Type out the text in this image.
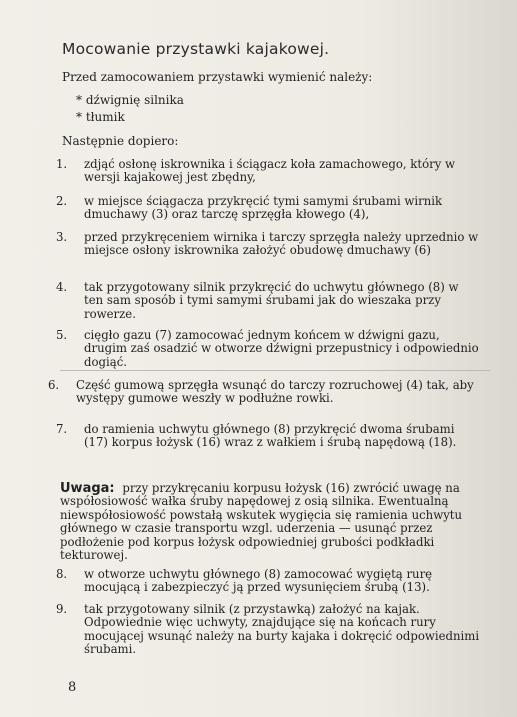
Mocowanie przystawki kajakowej.
Przed zamocowaniem przystawki wymienić należy:
* dźwignię silnika
* tłumik
Następnie dopiero:
1. zdjąć osłonę iskrownika i ściągacz koła zamachowego, który w wersji kajakowej jest zbędny,
2. w miejsce ściągacza przykręcić tymi samymi śrubami wirnik dmuchawy (3) oraz tarczę sprzęgła kłowego (4),
3. przed przykręceniem wirnika i tarczy sprzęgła należy uprzednio w miejsce osłony iskrownika założyć obudowę dmuchawy (6)
4. tak przygotowany silnik przykręcić do uchwytu głównego (8) w ten sam sposób i tymi samymi śrubami jak do wieszaka przy rowerze.
5. cięgło gazu (7) zamocować jednym końcem w dźwigni gazu, drugim zaś osadzić w otworze dźwigni przepustnicy i odpowiednio dogiąć.
6. Część gumową sprzęgła wsunąć do tarczy rozruchowej (4) tak, aby występy gumowe weszły w podłużne rowki.
7. do ramienia uchwytu głównego (8) przykręcić dwoma śrubami (17) korpus łożysk (16) wraz z wałkiem i śrubą napędową (18).
Uwaga: przy przykręcaniu korpusu łożysk (16) zwrócić uwagę na współosiowość wałka śruby napędowej z osią silnika. Ewentualną niewspółosiowość powstałą wskutek wygięcia się ramienia uchwytu głównego w czasie transportu wzgl. uderzenia — usunąć przez podłożenie pod korpus łożysk odpowiedniej grubości podkładki tekturowej.
8. w otworze uchwytu głównego (8) zamocować wygiętą rurę mocującą i zabezpieczyć ją przed wysunięciem śrubą (13).
9. tak przygotowany silnik (z przystawką) założyć na kajak. Odpowiednie więc uchwyty, znajdujące się na końcach rury mocującej wsunąć należy na burty kajaka i dokręcić odpowiednimi śrubami.
8
